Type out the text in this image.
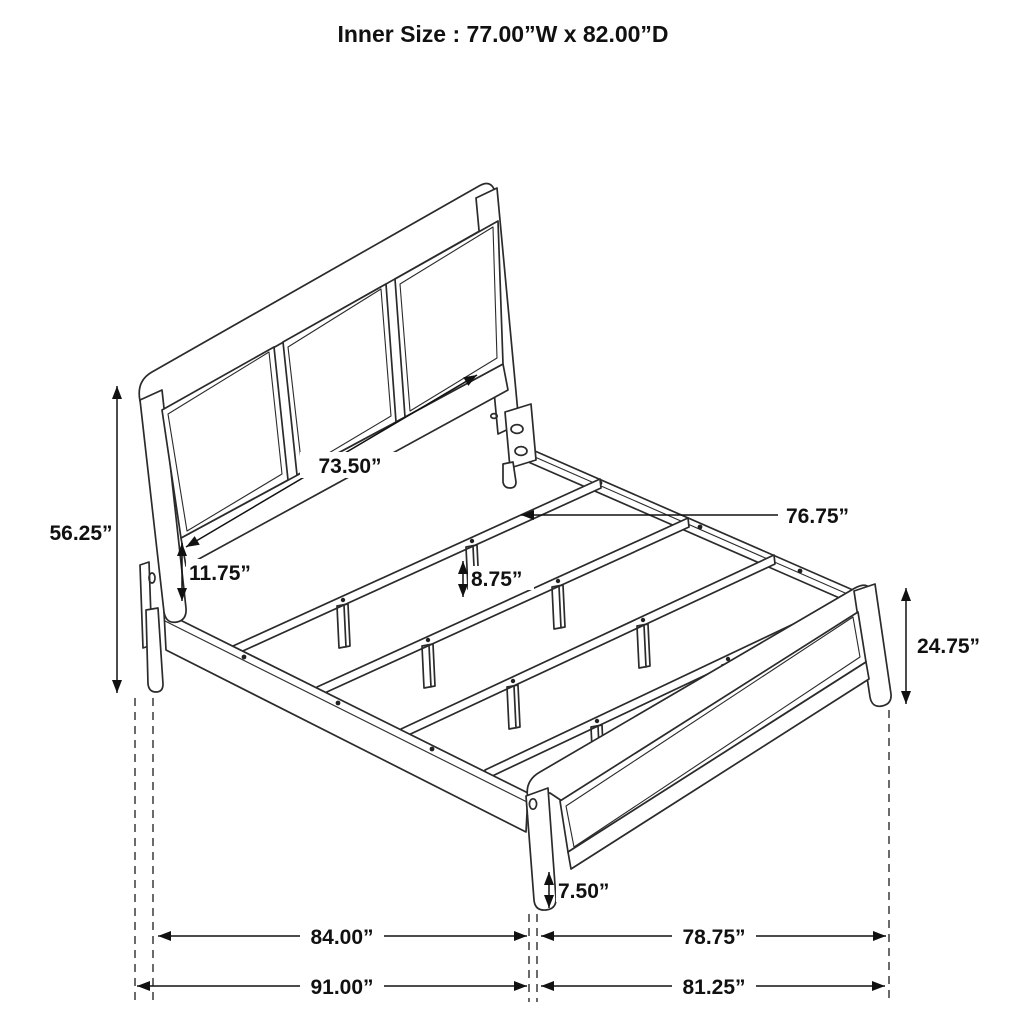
Inner Size : 77.00”W x 82.00”D
56.25”
73.50”
11.75”	8.75”
76.75”
24.75”
7.50”
84.00”	78.75”
91.00”	81.25”
